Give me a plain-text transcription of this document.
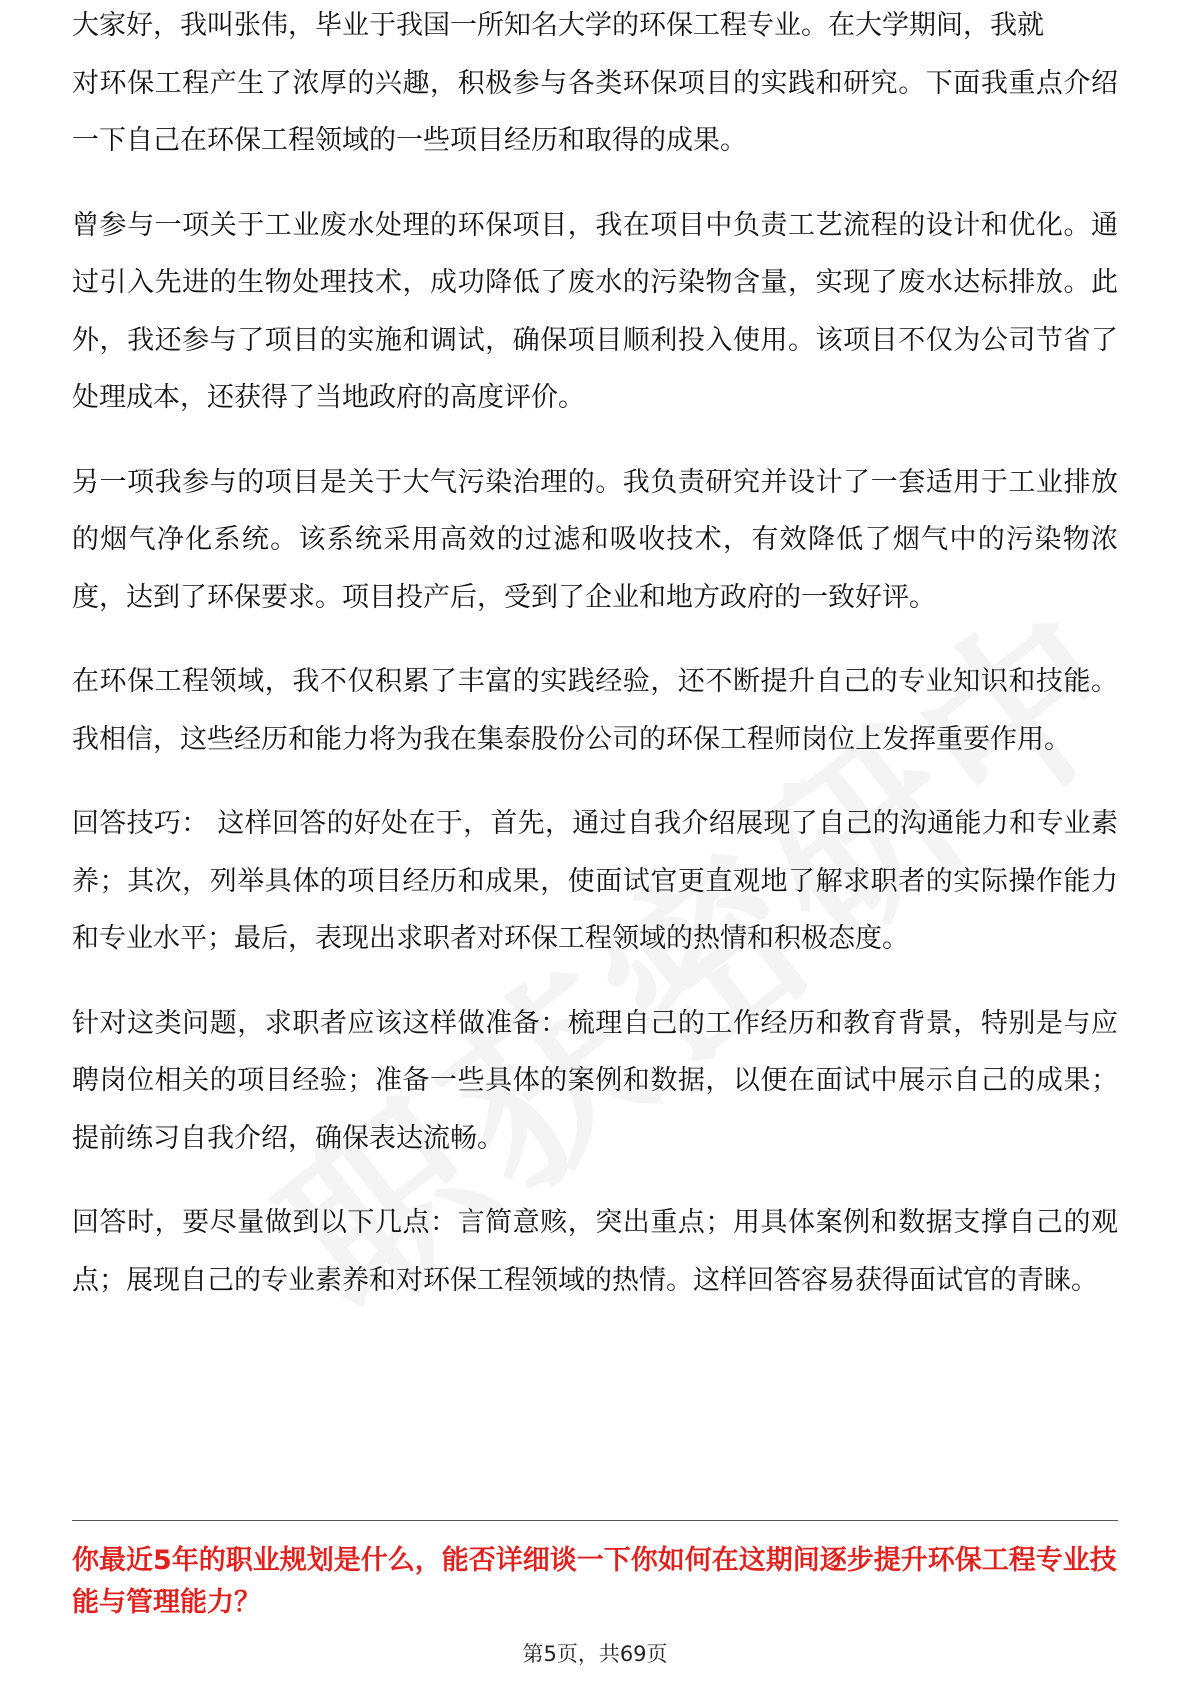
大家好，我叫张伟，毕业于我国一所知名大学的环保工程专业。在大学期间，我就

对环保工程产生了浓厚的兴趣，积极参与各类环保项目的实践和研究。下面我重点介绍一下自己在环保工程领域的一些项目经历和取得的成果。

曾参与一项关于工业废水处理的环保项目，我在项目中负责工艺流程的设计和优化。通过引入先进的生物处理技术，成功降低了废水的污染物含量，实现了废水达标排放。此外，我还参与了项目的实施和调试，确保项目顺利投入使用。该项目不仅为公司节省了处理成本，还获得了当地政府的高度评价。

另一项我参与的项目是关于大气污染治理的。我负责研究并设计了一套适用于工业排放的烟气净化系统。该系统采用高效的过滤和吸收技术，有效降低了烟气中的污染物浓度，达到了环保要求。项目投产后，受到了企业和地方政府的一致好评。

在环保工程领域，我不仅积累了丰富的实践经验，还不断提升自己的专业知识和技能。我相信，这些经历和能力将为我在集泰股份公司的环保工程师岗位上发挥重要作用。

回答技巧： 这样回答的好处在于，首先，通过自我介绍展现了自己的沟通能力和专业素养；其次，列举具体的项目经历和成果，使面试官更直观地了解求职者的实际操作能力和专业水平；最后，表现出求职者对环保工程领域的热情和积极态度。

针对这类问题，求职者应该这样做准备：梳理自己的工作经历和教育背景，特别是与应聘岗位相关的项目经验；准备一些具体的案例和数据，以便在面试中展示自己的成果；提前练习自我介绍，确保表达流畅。

回答时，要尽量做到以下几点：言简意赅，突出重点；用具体案例和数据支撑自己的观点；展现自己的专业素养和对环保工程领域的热情。这样回答容易获得面试官的青睐。

你最近5年的职业规划是什么，能否详细谈一下你如何在这期间逐步提升环保工程专业技能与管理能力？

第5页，共69页
